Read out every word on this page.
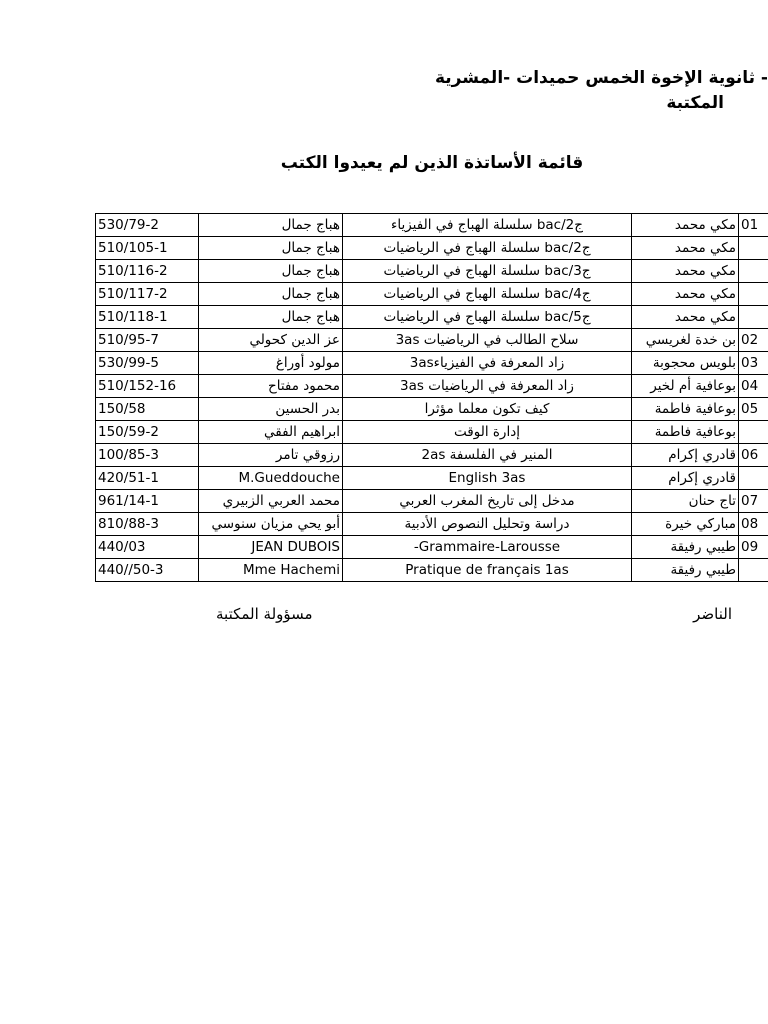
- ثانوية الإخوة الخمس حميدات -المشرية
المكتبة
قائمة الأساتذة الذين لم يعيدوا الكتب
530/79-2	هباج جمال	ج2/bac سلسلة الهباج في الفيزياء	مكي محمد	01
510/105-1	هباج جمال	ج2/bac سلسلة الهباج في الرياضيات	مكي محمد	
510/116-2	هباج جمال	ج3/bac سلسلة الهباج في الرياضيات	مكي محمد	
510/117-2	هباج جمال	ج4/bac سلسلة الهباج في الرياضيات	مكي محمد	
510/118-1	هباج جمال	ج5/bac سلسلة الهباج في الرياضيات	مكي محمد	
510/95-7	عز الدين كحولي	سلاح الطالب في الرياضيات 3as	بن خدة لغريسي	02
530/99-5	مولود أوراغ	زاد المعرفة في الفيزياء3as	بلويس محجوبة	03
510/152-16	محمود مفتاح	زاد المعرفة في الرياضيات 3as	بوعافية أم لخير	04
150/58	بدر الحسين	كيف تكون معلما مؤثرا	بوعافية فاطمة	05
150/59-2	ابراهيم الفقي	إدارة الوقت	بوعافية فاطمة	
100/85-3	رزوقي تامر	المنير في الفلسفة 2as	قادري إكرام	06
420/51-1	M.Gueddouche	English 3as	قادري إكرام	
961/14-1	محمد العربي الزبيري	مدخل إلى تاريخ المغرب العربي	تاج حنان	07
810/88-3	أبو يحي مزيان سنوسي	دراسة وتحليل النصوص الأدبية	مباركي خيرة	08
440/03	JEAN DUBOIS	Grammaire-Larousse-	طيبي رفيقة	09
440//50-3	Mme Hachemi	Pratique de français 1as	طيبي رفيقة	
مسؤولة المكتبة	الناضر
